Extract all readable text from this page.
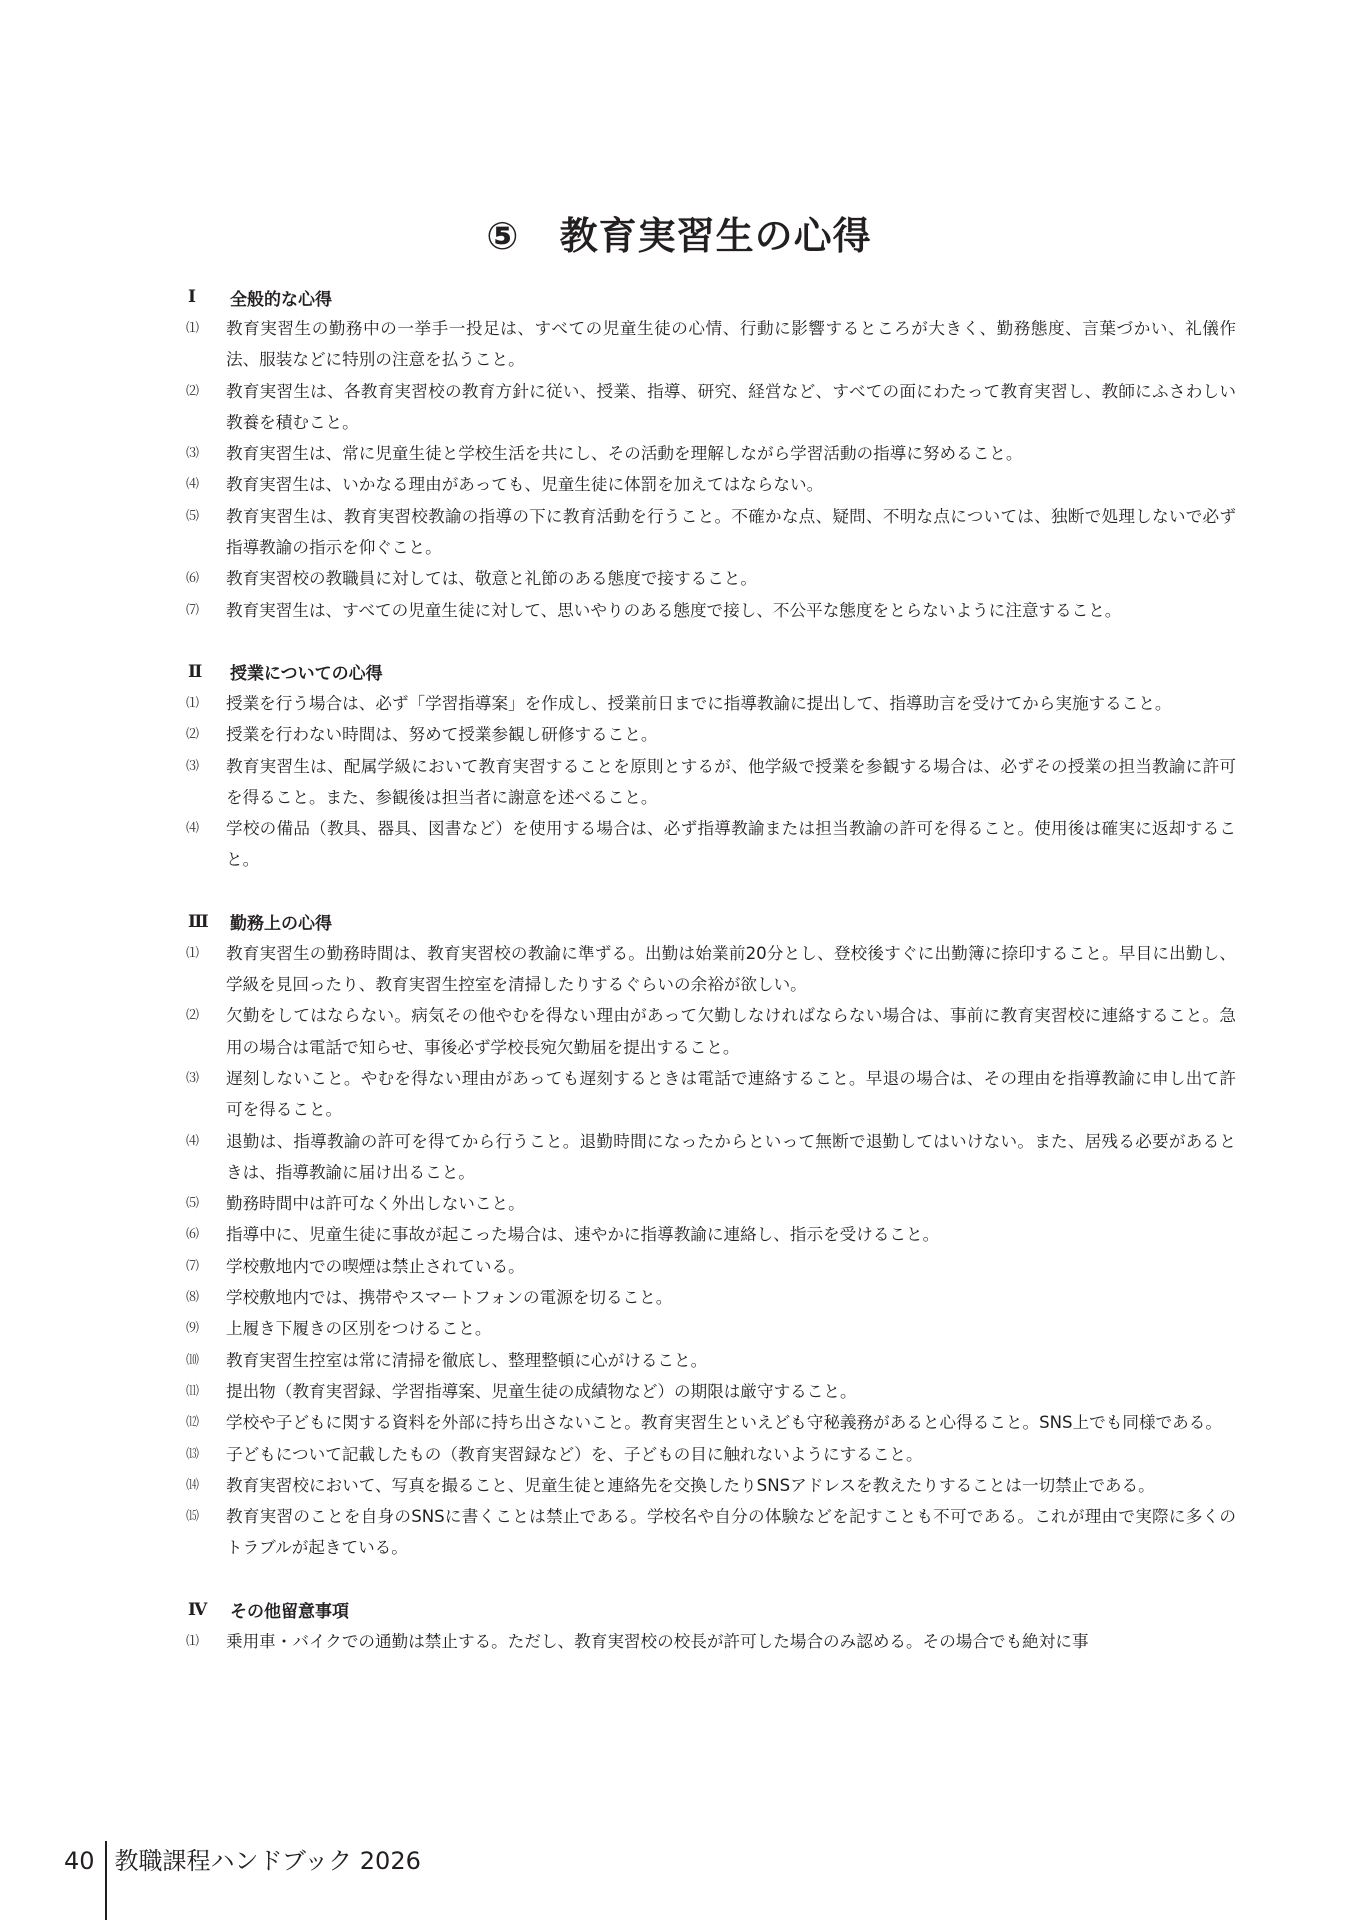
⑤ 教育実習生の心得
Ⅰ	全般的な心得
⑴	教育実習生の勤務中の一挙手一投足は、すべての児童生徒の心情、行動に影響するところが大きく、勤務態度、言葉づかい、礼儀作法、服装などに特別の注意を払うこと。
⑵	教育実習生は、各教育実習校の教育方針に従い、授業、指導、研究、経営など、すべての面にわたって教育実習し、教師にふさわしい教養を積むこと。
⑶	教育実習生は、常に児童生徒と学校生活を共にし、その活動を理解しながら学習活動の指導に努めること。
⑷	教育実習生は、いかなる理由があっても、児童生徒に体罰を加えてはならない。
⑸	教育実習生は、教育実習校教諭の指導の下に教育活動を行うこと。不確かな点、疑問、不明な点については、独断で処理しないで必ず指導教諭の指示を仰ぐこと。
⑹	教育実習校の教職員に対しては、敬意と礼節のある態度で接すること。
⑺	教育実習生は、すべての児童生徒に対して、思いやりのある態度で接し、不公平な態度をとらないように注意すること。
Ⅱ	授業についての心得
⑴	授業を行う場合は、必ず「学習指導案」を作成し、授業前日までに指導教諭に提出して、指導助言を受けてから実施すること。
⑵	授業を行わない時間は、努めて授業参観し研修すること。
⑶	教育実習生は、配属学級において教育実習することを原則とするが、他学級で授業を参観する場合は、必ずその授業の担当教諭に許可を得ること。また、参観後は担当者に謝意を述べること。
⑷	学校の備品（教具、器具、図書など）を使用する場合は、必ず指導教諭または担当教諭の許可を得ること。使用後は確実に返却すること。
Ⅲ	勤務上の心得
⑴	教育実習生の勤務時間は、教育実習校の教諭に準ずる。出勤は始業前20分とし、登校後すぐに出勤簿に捺印すること。早目に出勤し、学級を見回ったり、教育実習生控室を清掃したりするぐらいの余裕が欲しい。
⑵	欠勤をしてはならない。病気その他やむを得ない理由があって欠勤しなければならない場合は、事前に教育実習校に連絡すること。急用の場合は電話で知らせ、事後必ず学校長宛欠勤届を提出すること。
⑶	遅刻しないこと。やむを得ない理由があっても遅刻するときは電話で連絡すること。早退の場合は、その理由を指導教諭に申し出て許可を得ること。
⑷	退勤は、指導教諭の許可を得てから行うこと。退勤時間になったからといって無断で退勤してはいけない。また、居残る必要があるときは、指導教諭に届け出ること。
⑸	勤務時間中は許可なく外出しないこと。
⑹	指導中に、児童生徒に事故が起こった場合は、速やかに指導教諭に連絡し、指示を受けること。
⑺	学校敷地内での喫煙は禁止されている。
⑻	学校敷地内では、携帯やスマートフォンの電源を切ること。
⑼	上履き下履きの区別をつけること。
⑽	教育実習生控室は常に清掃を徹底し、整理整頓に心がけること。
⑾	提出物（教育実習録、学習指導案、児童生徒の成績物など）の期限は厳守すること。
⑿	学校や子どもに関する資料を外部に持ち出さないこと。教育実習生といえども守秘義務があると心得ること。SNS上でも同様である。
⒀	子どもについて記載したもの（教育実習録など）を、子どもの目に触れないようにすること。
⒁	教育実習校において、写真を撮ること、児童生徒と連絡先を交換したりSNSアドレスを教えたりすることは一切禁止である。
⒂	教育実習のことを自身のSNSに書くことは禁止である。学校名や自分の体験などを記すことも不可である。これが理由で実際に多くのトラブルが起きている。
Ⅳ	その他留意事項
⑴	乗用車・バイクでの通勤は禁止する。ただし、教育実習校の校長が許可した場合のみ認める。その場合でも絶対に事
40 教職課程ハンドブック 2026
